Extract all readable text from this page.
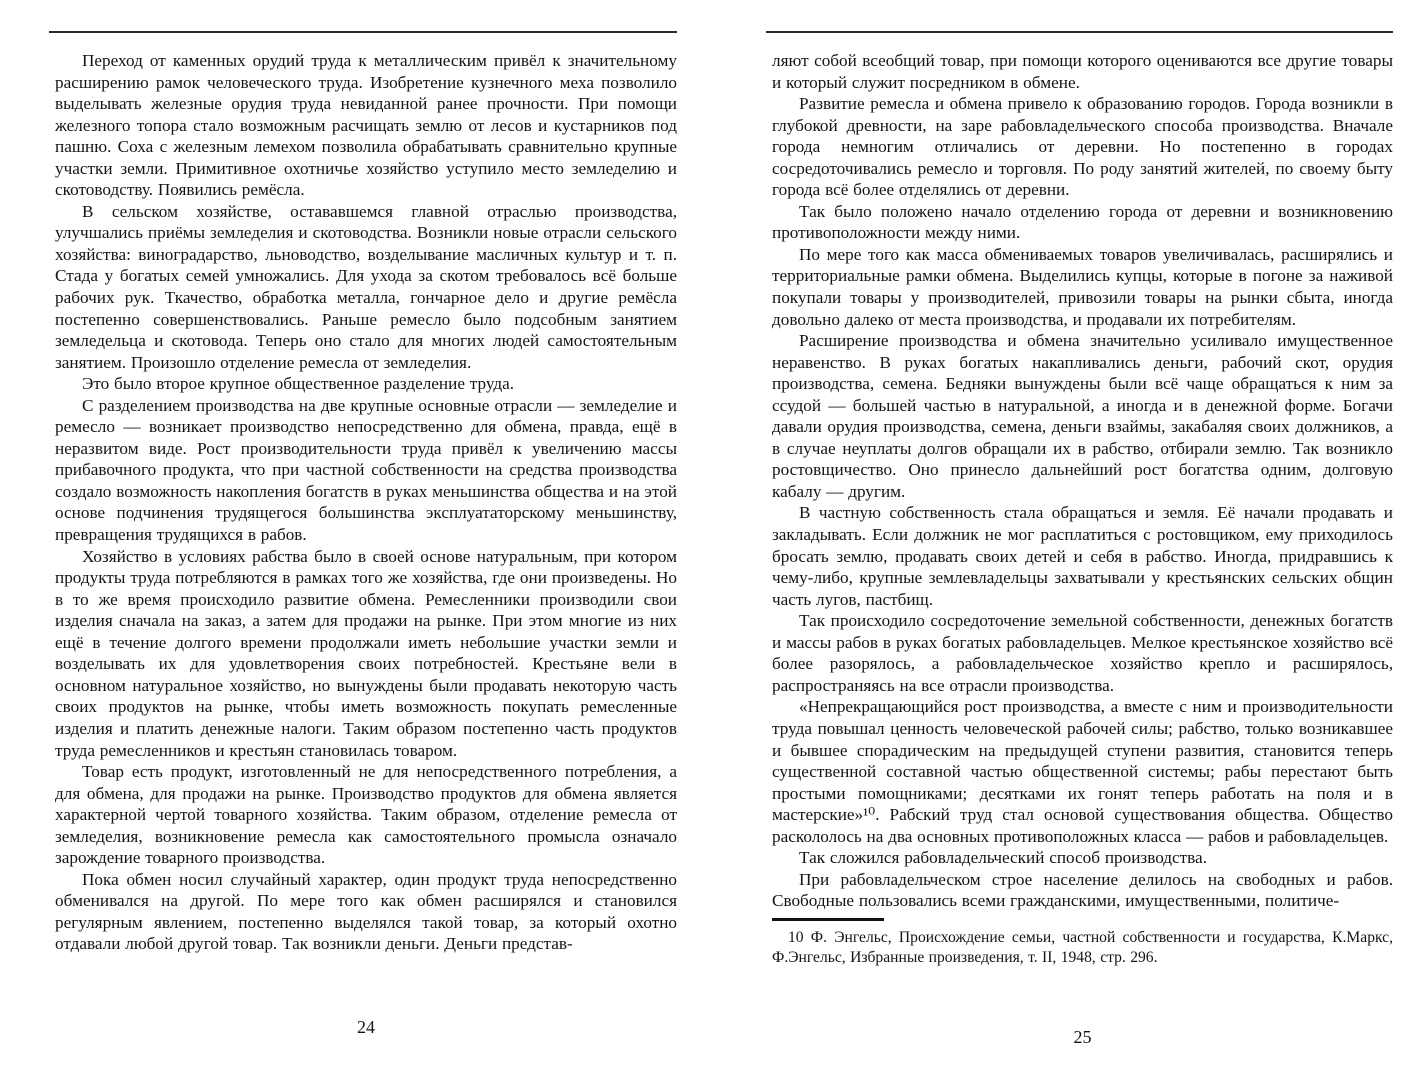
Переход от каменных орудий труда к металлическим привёл к значительному расширению рамок человеческого труда. Изобретение кузнечного меха позволило выделывать железные орудия труда невиданной ранее прочности. При помощи железного топора стало возможным расчищать землю от лесов и кустарников под пашню. Соха с железным лемехом позволила обрабатывать сравнительно крупные участки земли. Примитивное охотничье хозяйство уступило место земледелию и скотоводству. Появились ремёсла.

В сельском хозяйстве, остававшемся главной отраслью производства, улучшались приёмы земледелия и скотоводства. Возникли новые отрасли сельского хозяйства: виноградарство, льноводство, возделывание масличных культур и т. п. Стада у богатых семей умножались. Для ухода за скотом требовалось всё больше рабочих рук. Ткачество, обработка металла, гончарное дело и другие ремёсла постепенно совершенствовались. Раньше ремесло было подсобным занятием земледельца и скотовода. Теперь оно стало для многих людей самостоятельным занятием. Произошло отделение ремесла от земледелия.

Это было второе крупное общественное разделение труда.

С разделением производства на две крупные основные отрасли — земледелие и ремесло — возникает производство непосредственно для обмена, правда, ещё в неразвитом виде. Рост производительности труда привёл к увеличению массы прибавочного продукта, что при частной собственности на средства производства создало возможность накопления богатств в руках меньшинства общества и на этой основе подчинения трудящегося большинства эксплуататорскому меньшинству, превращения трудящихся в рабов.

Хозяйство в условиях рабства было в своей основе натуральным, при котором продукты труда потребляются в рамках того же хозяйства, где они произведены. Но в то же время происходило развитие обмена. Ремесленники производили свои изделия сначала на заказ, а затем для продажи на рынке. При этом многие из них ещё в течение долгого времени продолжали иметь небольшие участки земли и возделывать их для удовлетворения своих потребностей. Крестьяне вели в основном натуральное хозяйство, но вынуждены были продавать некоторую часть своих продуктов на рынке, чтобы иметь возможность покупать ремесленные изделия и платить денежные налоги. Таким образом постепенно часть продуктов труда ремесленников и крестьян становилась товаром.

Товар есть продукт, изготовленный не для непосредственного потребления, а для обмена, для продажи на рынке. Производство продуктов для обмена является характерной чертой товарного хозяйства. Таким образом, отделение ремесла от земледелия, возникновение ремесла как самостоятельного промысла означало зарождение товарного производства.

Пока обмен носил случайный характер, один продукт труда непосредственно обменивался на другой. По мере того как обмен расширялся и становился регулярным явлением, постепенно выделялся такой товар, за который охотно отдавали любой другой товар. Так возникли деньги. Деньги представ-

24

ляют собой всеобщий товар, при помощи которого оцениваются все другие товары и который служит посредником в обмене.

Развитие ремесла и обмена привело к образованию городов. Города возникли в глубокой древности, на заре рабовладельческого способа производства. Вначале города немногим отличались от деревни. Но постепенно в городах сосредоточивались ремесло и торговля. По роду занятий жителей, по своему быту города всё более отделялись от деревни.

Так было положено начало отделению города от деревни и возникновению противоположности между ними.

По мере того как масса обмениваемых товаров увеличивалась, расширялись и территориальные рамки обмена. Выделились купцы, которые в погоне за наживой покупали товары у производителей, привозили товары на рынки сбыта, иногда довольно далеко от места производства, и продавали их потребителям.

Расширение производства и обмена значительно усиливало имущественное неравенство. В руках богатых накапливались деньги, рабочий скот, орудия производства, семена. Бедняки вынуждены были всё чаще обращаться к ним за ссудой — большей частью в натуральной, а иногда и в денежной форме. Богачи давали орудия производства, семена, деньги взаймы, закабаляя своих должников, а в случае неуплаты долгов обращали их в рабство, отбирали землю. Так возникло ростовщичество. Оно принесло дальнейший рост богатства одним, долговую кабалу — другим.

В частную собственность стала обращаться и земля. Её начали продавать и закладывать. Если должник не мог расплатиться с ростовщиком, ему приходилось бросать землю, продавать своих детей и себя в рабство. Иногда, придравшись к чему-либо, крупные землевладельцы захватывали у крестьянских сельских общин часть лугов, пастбищ.

Так происходило сосредоточение земельной собственности, денежных богатств и массы рабов в руках богатых рабовладельцев. Мелкое крестьянское хозяйство всё более разорялось, а рабовладельческое хозяйство крепло и расширялось, распространяясь на все отрасли производства.

«Непрекращающийся рост производства, а вместе с ним и производительности труда повышал ценность человеческой рабочей силы; рабство, только возникавшее и бывшее спорадическим на предыдущей ступени развития, становится теперь существенной составной частью общественной системы; рабы перестают быть простыми помощниками; десятками их гонят теперь работать на поля и в мастерские»¹⁰. Рабский труд стал основой существования общества. Общество раскололось на два основных противоположных класса — рабов и рабовладельцев.

Так сложился рабовладельческий способ производства.

При рабовладельческом строе население делилось на свободных и рабов. Свободные пользовались всеми гражданскими, имущественными, политиче-

10 Ф. Энгельс, Происхождение семьи, частной собственности и государства, К.Маркс, Ф.Энгельс, Избранные произведения, т. II, 1948, стр. 296.
25
